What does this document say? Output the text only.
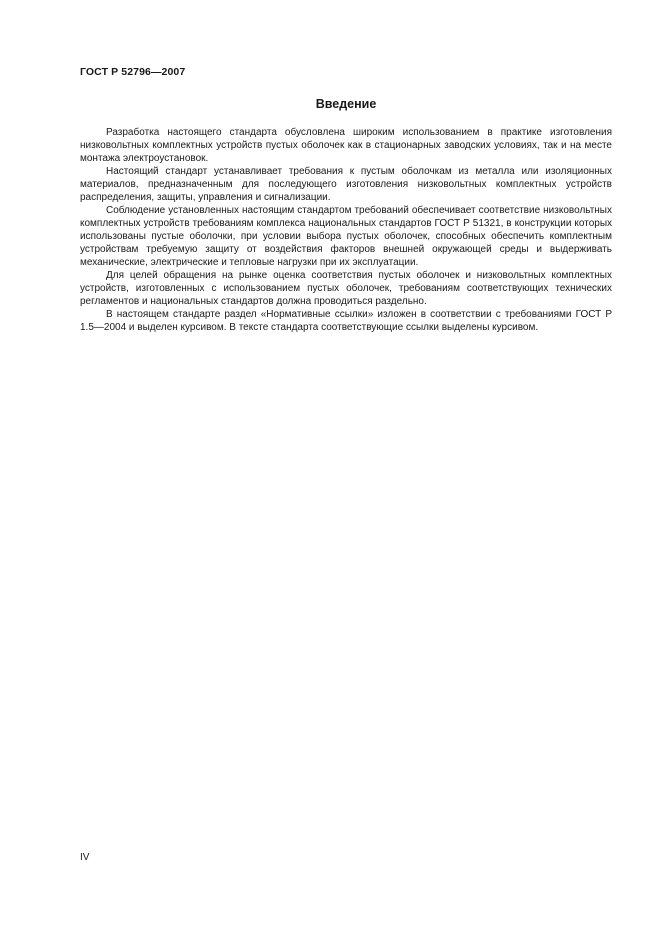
ГОСТ Р 52796—2007
Введение

Разработка настоящего стандарта обусловлена широким использованием в практике изготовления низковольтных комплектных устройств пустых оболочек как в стационарных заводских условиях, так и на месте монтажа электроустановок.

Настоящий стандарт устанавливает требования к пустым оболочкам из металла или изоляционных материалов, предназначенным для последующего изготовления низковольтных комплектных устройств распределения, защиты, управления и сигнализации.

Соблюдение установленных настоящим стандартом требований обеспечивает соответствие низковольтных комплектных устройств требованиям комплекса национальных стандартов ГОСТ Р 51321, в конструкции которых использованы пустые оболочки, при условии выбора пустых оболочек, способных обеспечить комплектным устройствам требуемую защиту от воздействия факторов внешней окружающей среды и выдерживать механические, электрические и тепловые нагрузки при их эксплуатации.

Для целей обращения на рынке оценка соответствия пустых оболочек и низковольтных комплектных устройств, изготовленных с использованием пустых оболочек, требованиям соответствующих технических регламентов и национальных стандартов должна проводиться раздельно.

В настоящем стандарте раздел «Нормативные ссылки» изложен в соответствии с требованиями ГОСТ Р 1.5—2004 и выделен курсивом. В тексте стандарта соответствующие ссылки выделены курсивом.

IV
